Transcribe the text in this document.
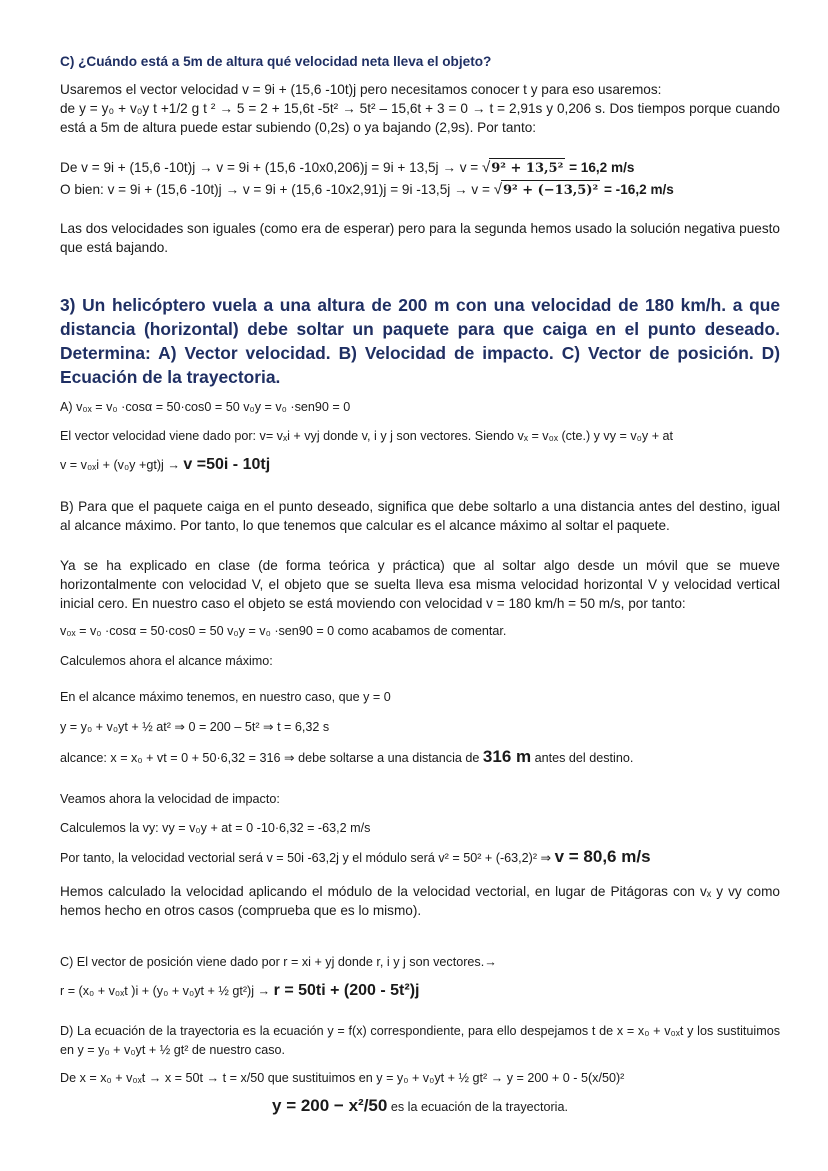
C) ¿Cuándo está a 5m de altura qué velocidad neta lleva el objeto?
Usaremos el vector velocidad v = 9i + (15,6 -10t)j pero necesitamos conocer t y para eso usaremos:
de y = y₀ + v₀y t +1/2 g t ² → 5 = 2 + 15,6t -5t² → 5t² – 15,6t + 3 = 0 → t = 2,91s y 0,206 s. Dos tiempos porque cuando está a 5m de altura puede estar subiendo (0,2s) o ya bajando (2,9s). Por tanto:
De v = 9i + (15,6 -10t)j → v = 9i + (15,6 -10x0,206)j = 9i + 13,5j → v = √9² + 13,5² = 16,2 m/s
O bien: v = 9i + (15,6 -10t)j → v = 9i + (15,6 -10x2,91)j = 9i -13,5j → v = √9² + (−13,5)² = -16,2 m/s
Las dos velocidades son iguales (como era de esperar) pero para la segunda hemos usado la solución negativa puesto que está bajando.
3) Un helicóptero vuela a una altura de 200 m con una velocidad de 180 km/h. a que distancia (horizontal) debe soltar un paquete para que caiga en el punto deseado. Determina: A) Vector velocidad. B) Velocidad de impacto. C) Vector de posición. D) Ecuación de la trayectoria.
A) v₀ₓ = v₀ ·cosα = 50·cos0 = 50 v₀y = v₀ ·sen90 = 0
El vector velocidad viene dado por: v= vₓi + vyj donde v, i y j son vectores. Siendo vₓ = v₀ₓ (cte.) y vy = v₀y + at
v = v₀ₓi + (v₀y +gt)j → v =50i - 10tj
B) Para que el paquete caiga en el punto deseado, significa que debe soltarlo a una distancia antes del destino, igual al alcance máximo. Por tanto, lo que tenemos que calcular es el alcance máximo al soltar el paquete.
Ya se ha explicado en clase (de forma teórica y práctica) que al soltar algo desde un móvil que se mueve horizontalmente con velocidad V, el objeto que se suelta lleva esa misma velocidad horizontal V y velocidad vertical inicial cero. En nuestro caso el objeto se está moviendo con velocidad v = 180 km/h = 50 m/s, por tanto:
v₀ₓ = v₀ ·cosα = 50·cos0 = 50 v₀y = v₀ ·sen90 = 0 como acabamos de comentar.
Calculemos ahora el alcance máximo:
En el alcance máximo tenemos, en nuestro caso, que y = 0
y = y₀ + v₀yt + ½ at² ⇒ 0 = 200 – 5t² ⇒ t = 6,32 s
alcance: x = x₀ + vt = 0 + 50·6,32 = 316 ⇒ debe soltarse a una distancia de 316 m antes del destino.
Veamos ahora la velocidad de impacto:
Calculemos la vy: vy = v₀y + at = 0 -10·6,32 = -63,2 m/s
Por tanto, la velocidad vectorial será v = 50i -63,2j y el módulo será v² = 50² + (-63,2)² ⇒ v = 80,6 m/s
Hemos calculado la velocidad aplicando el módulo de la velocidad vectorial, en lugar de Pitágoras con vₓ y vy como hemos hecho en otros casos (comprueba que es lo mismo).
C) El vector de posición viene dado por r = xi + yj donde r, i y j son vectores.→
r = (x₀ + v₀ₓt )i + (y₀ + v₀yt + ½ gt²)j → r = 50ti + (200 - 5t²)j
D) La ecuación de la trayectoria es la ecuación y = f(x) correspondiente, para ello despejamos t de x = x₀ + v₀ₓt y los sustituimos en y = y₀ + v₀yt + ½ gt² de nuestro caso.
De x = x₀ + v₀ₓt → x = 50t → t = x/50 que sustituimos en y = y₀ + v₀yt + ½ gt² → y = 200 + 0 - 5(x/50)²
y = 200 − x²/50 es la ecuación de la trayectoria.
